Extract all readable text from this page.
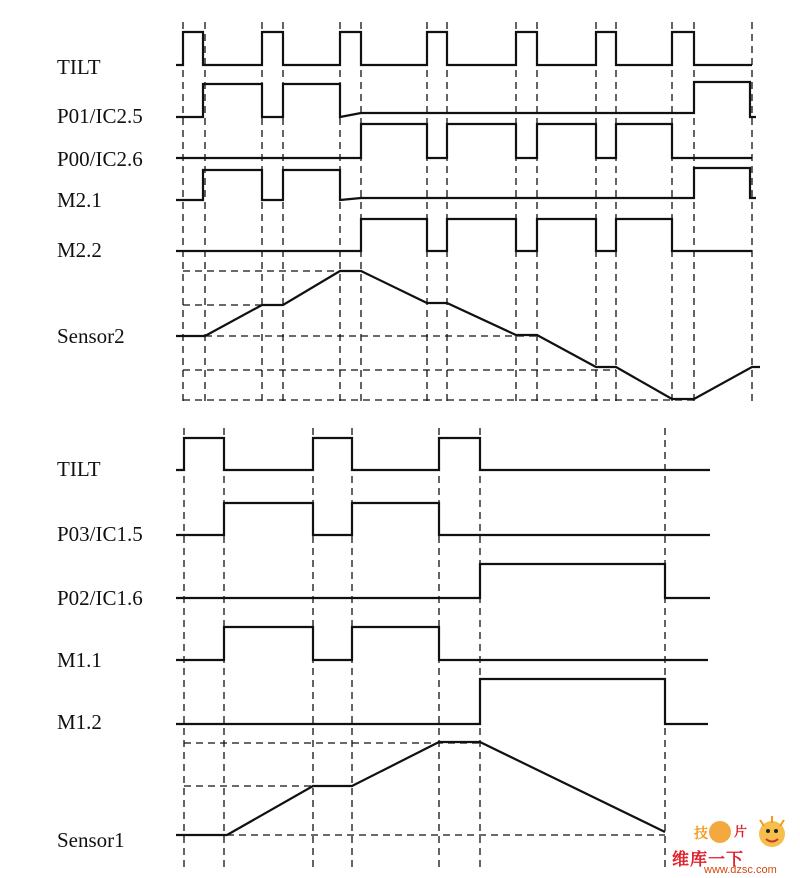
TILT
P01/IC2.5
P00/IC2.6
M2.1
M2.2
Sensor2
TILT
P03/IC1.5
P02/IC1.6
M1.1
M1.2
Sensor1	技 片
维库一下
www.dzsc.com
